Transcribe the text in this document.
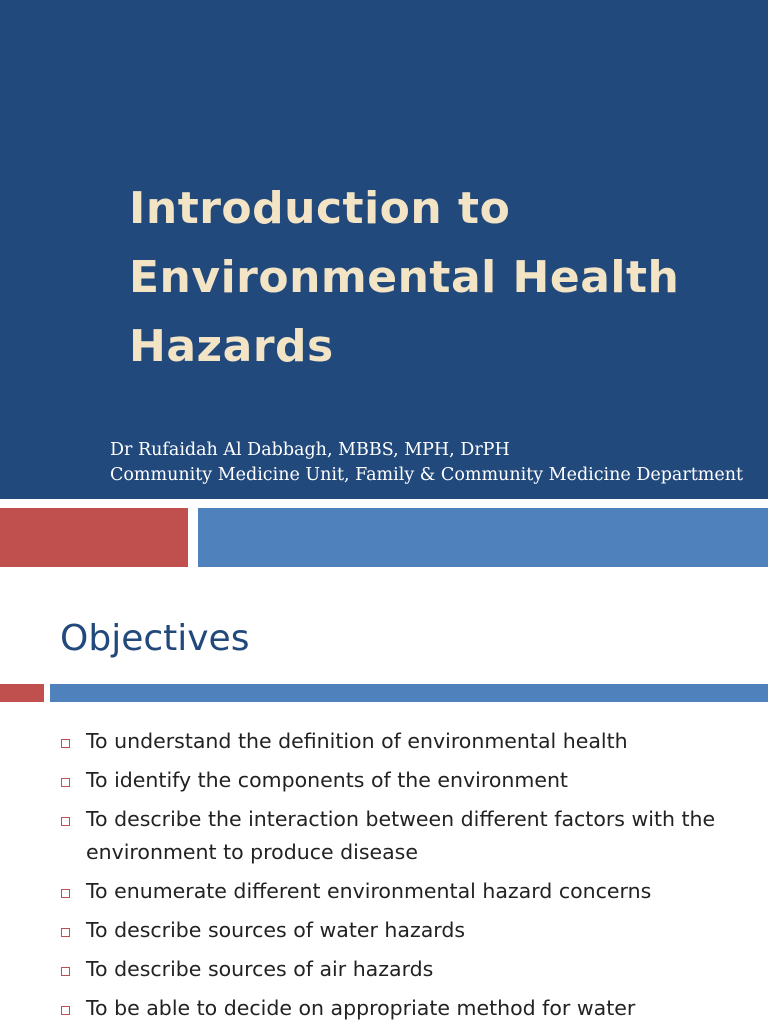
Introduction to
Environmental Health
Hazards
Dr Rufaidah Al Dabbagh, MBBS, MPH, DrPH
Community Medicine Unit, Family & Community Medicine Department
Objectives
To understand the definition of environmental health
To identify the components of the environment
To describe the interaction between different factors with the environment to produce disease
To enumerate different environmental hazard concerns
To describe sources of water hazards
To describe sources of air hazards
To be able to decide on appropriate method for water
